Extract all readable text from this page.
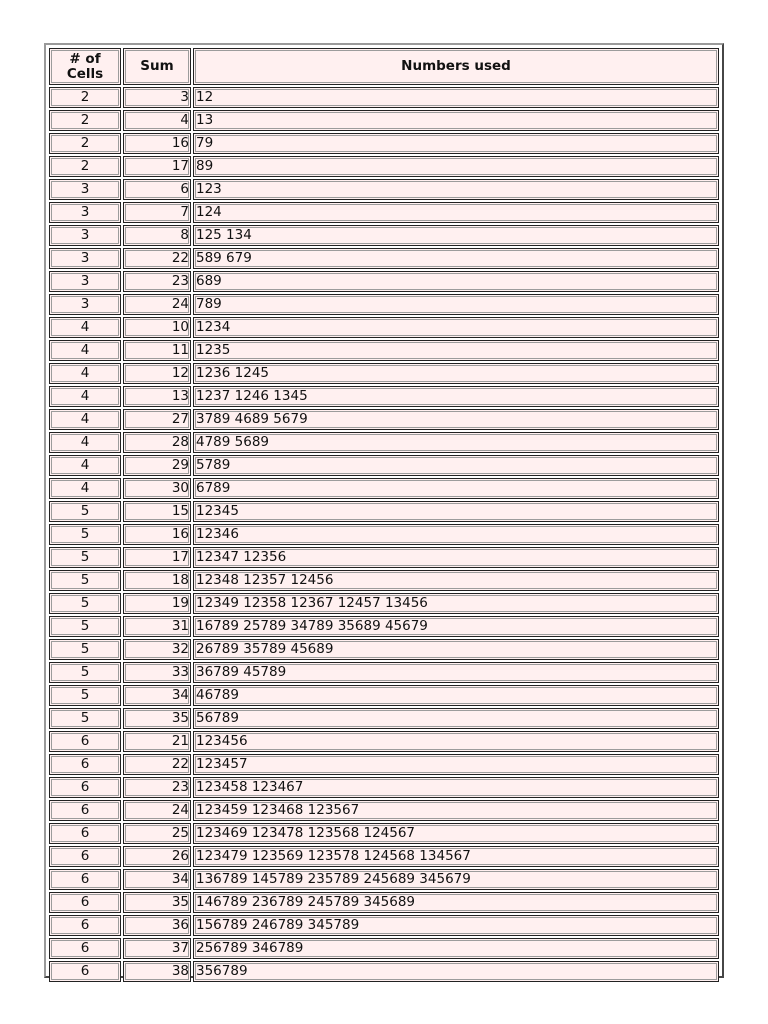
# of Cells	Sum	Numbers used
2	3	12
2	4	13
2	16	79
2	17	89
3	6	123
3	7	124
3	8	125 134
3	22	589 679
3	23	689
3	24	789
4	10	1234
4	11	1235
4	12	1236 1245
4	13	1237 1246 1345
4	27	3789 4689 5679
4	28	4789 5689
4	29	5789
4	30	6789
5	15	12345
5	16	12346
5	17	12347 12356
5	18	12348 12357 12456
5	19	12349 12358 12367 12457 13456
5	31	16789 25789 34789 35689 45679
5	32	26789 35789 45689
5	33	36789 45789
5	34	46789
5	35	56789
6	21	123456
6	22	123457
6	23	123458 123467
6	24	123459 123468 123567
6	25	123469 123478 123568 124567
6	26	123479 123569 123578 124568 134567
6	34	136789 145789 235789 245689 345679
6	35	146789 236789 245789 345689
6	36	156789 246789 345789
6	37	256789 346789
6	38	356789
